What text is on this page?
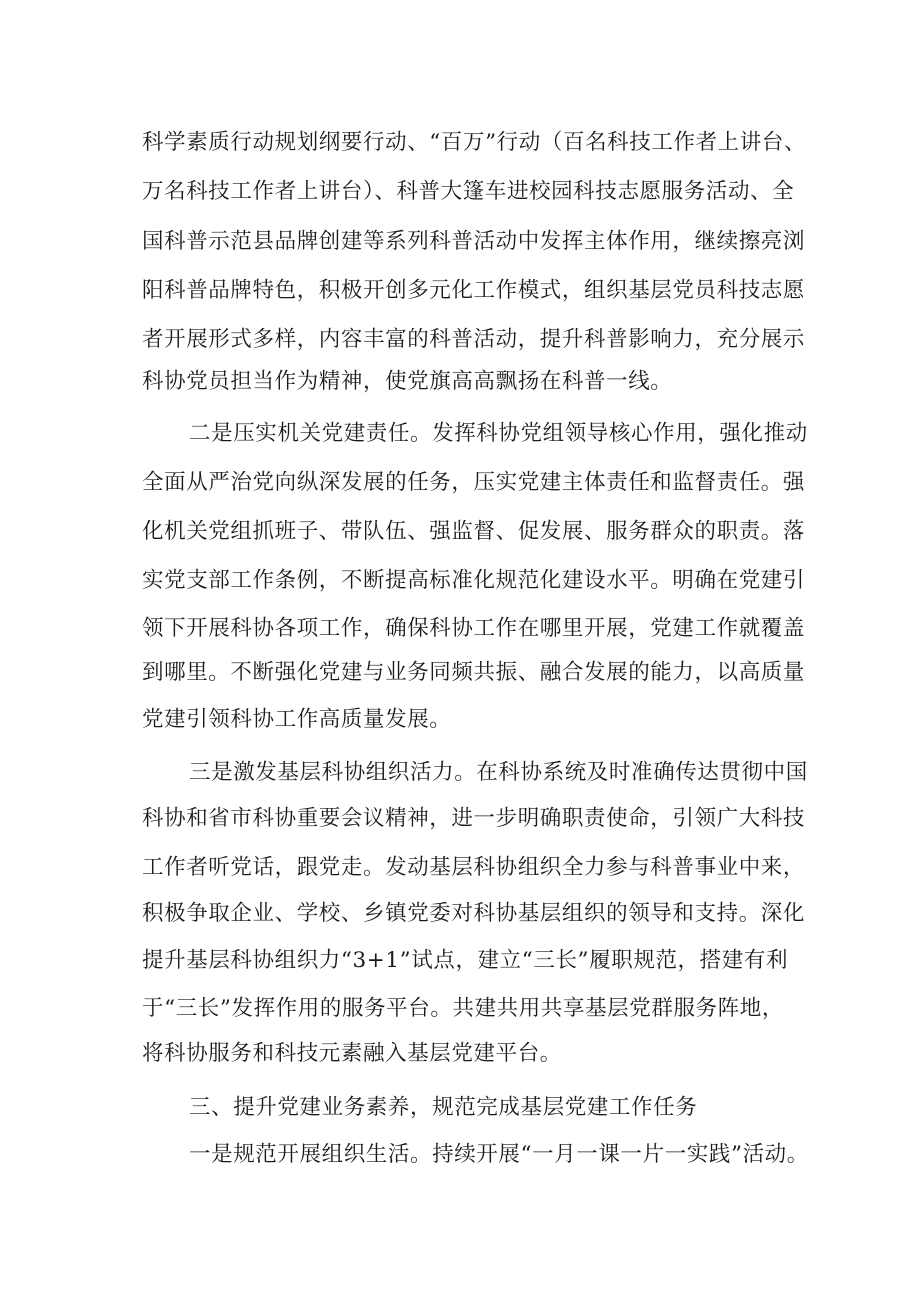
科学素质行动规划纲要行动、“百万”行动（百名科技工作者上讲台、
万名科技工作者上讲台）、科普大篷车进校园科技志愿服务活动、全
国科普示范县品牌创建等系列科普活动中发挥主体作用，继续擦亮浏
阳科普品牌特色，积极开创多元化工作模式，组织基层党员科技志愿
者开展形式多样，内容丰富的科普活动，提升科普影响力，充分展示
科协党员担当作为精神，使党旗高高飘扬在科普一线。
二是压实机关党建责任。发挥科协党组领导核心作用，强化推动
全面从严治党向纵深发展的任务，压实党建主体责任和监督责任。强
化机关党组抓班子、带队伍、强监督、促发展、服务群众的职责。落
实党支部工作条例，不断提高标准化规范化建设水平。明确在党建引
领下开展科协各项工作，确保科协工作在哪里开展，党建工作就覆盖
到哪里。不断强化党建与业务同频共振、融合发展的能力，以高质量
党建引领科协工作高质量发展。
三是激发基层科协组织活力。在科协系统及时准确传达贯彻中国
科协和省市科协重要会议精神，进一步明确职责使命，引领广大科技
工作者听党话，跟党走。发动基层科协组织全力参与科普事业中来，
积极争取企业、学校、乡镇党委对科协基层组织的领导和支持。深化
提升基层科协组织力“3+1”试点，建立“三长”履职规范，搭建有利
于“三长”发挥作用的服务平台。共建共用共享基层党群服务阵地，
将科协服务和科技元素融入基层党建平台。
三、提升党建业务素养，规范完成基层党建工作任务
一是规范开展组织生活。持续开展“一月一课一片一实践”活动。
